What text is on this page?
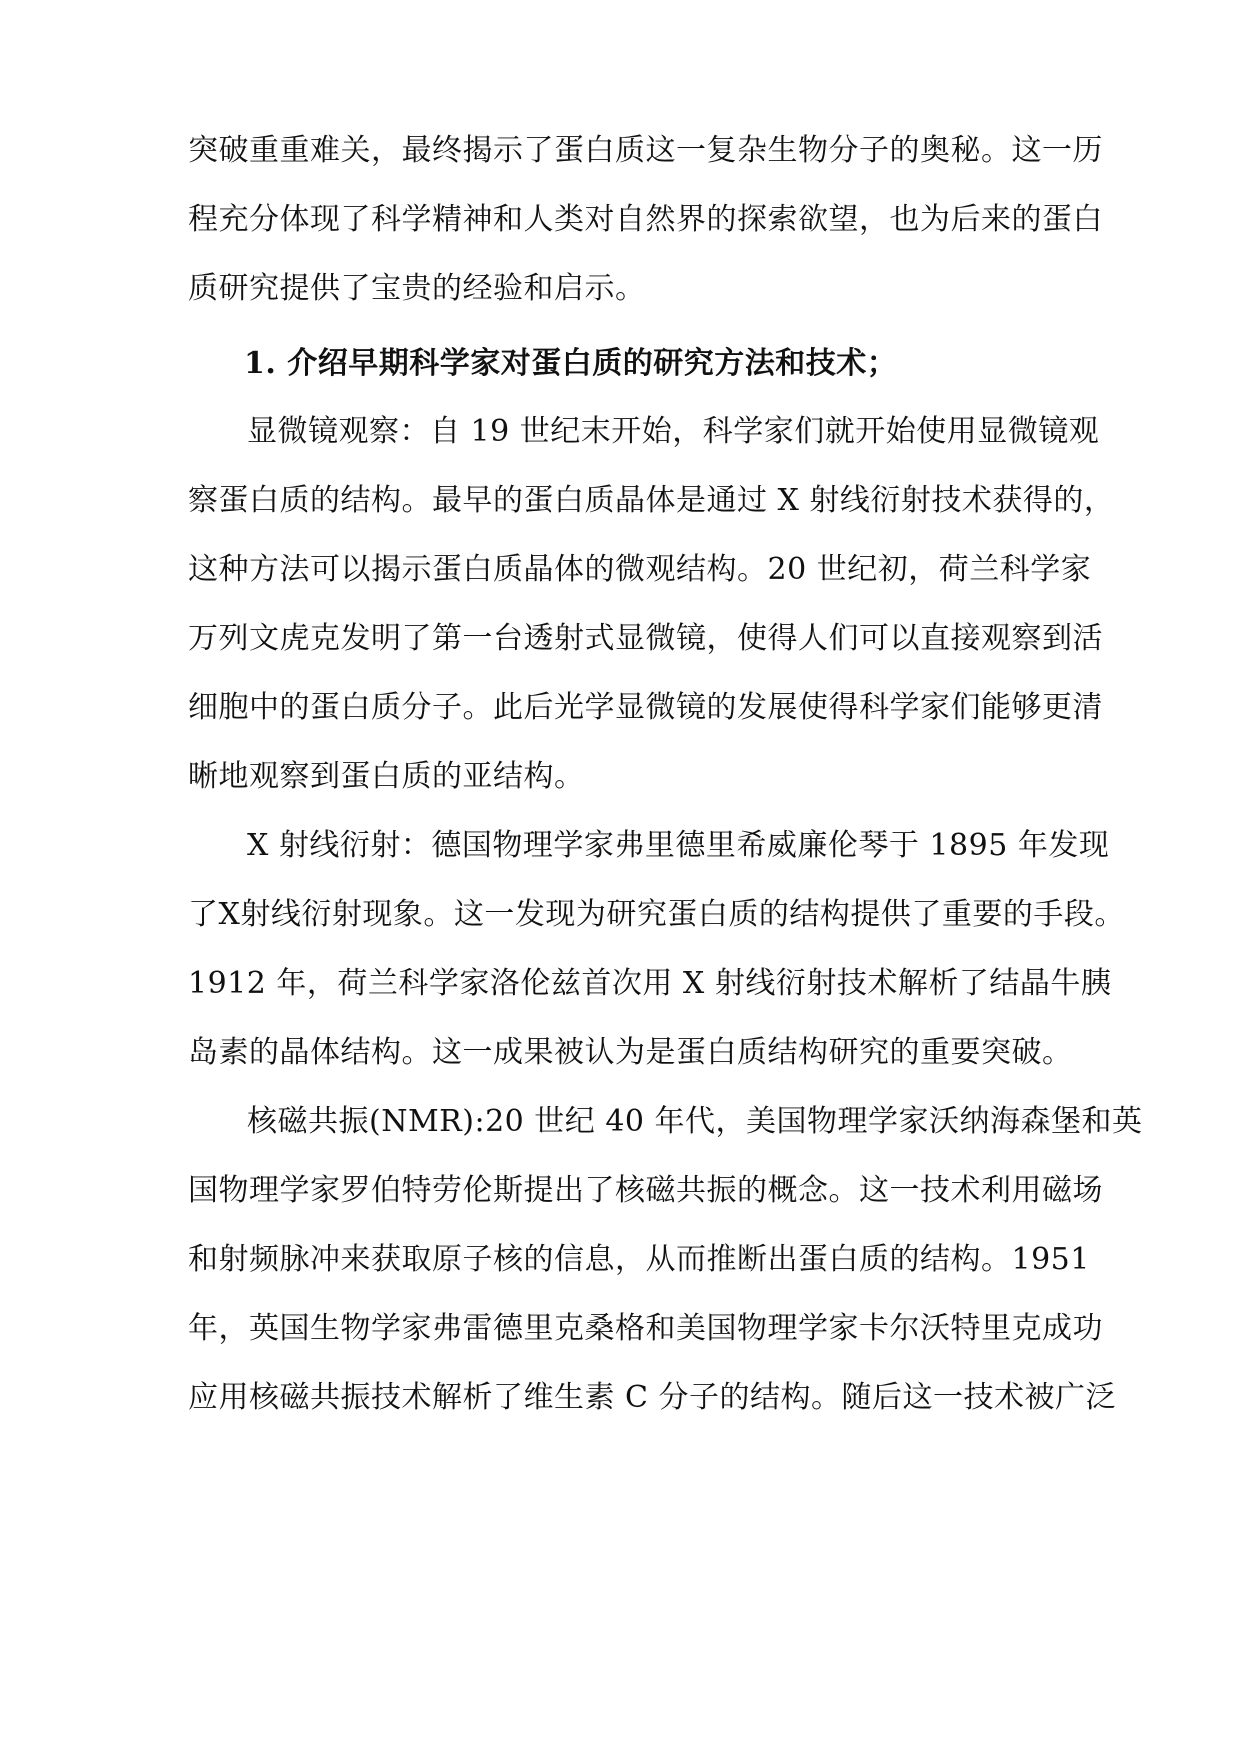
突破重重难关，最终揭示了蛋白质这一复杂生物分子的奥秘。这一历
程充分体现了科学精神和人类对自然界的探索欲望，也为后来的蛋白
质研究提供了宝贵的经验和启示。
1. 介绍早期科学家对蛋白质的研究方法和技术；
显微镜观察：自 19 世纪末开始，科学家们就开始使用显微镜观
察蛋白质的结构。最早的蛋白质晶体是通过 X 射线衍射技术获得的，
这种方法可以揭示蛋白质晶体的微观结构。20 世纪初，荷兰科学家
万列文虎克发明了第一台透射式显微镜，使得人们可以直接观察到活
细胞中的蛋白质分子。此后光学显微镜的发展使得科学家们能够更清
晰地观察到蛋白质的亚结构。
X 射线衍射：德国物理学家弗里德里希威廉伦琴于 1895 年发现
了X射线衍射现象。这一发现为研究蛋白质的结构提供了重要的手段。
1912 年，荷兰科学家洛伦兹首次用 X 射线衍射技术解析了结晶牛胰
岛素的晶体结构。这一成果被认为是蛋白质结构研究的重要突破。
核磁共振(NMR):20 世纪 40 年代，美国物理学家沃纳海森堡和英
国物理学家罗伯特劳伦斯提出了核磁共振的概念。这一技术利用磁场
和射频脉冲来获取原子核的信息，从而推断出蛋白质的结构。1951
年，英国生物学家弗雷德里克桑格和美国物理学家卡尔沃特里克成功
应用核磁共振技术解析了维生素 C 分子的结构。随后这一技术被广泛
